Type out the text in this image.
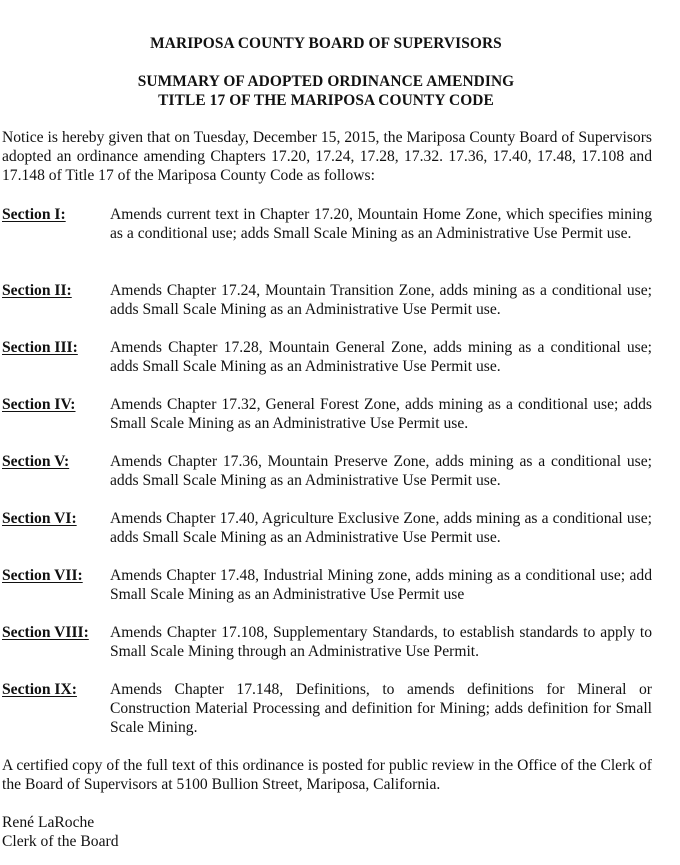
MARIPOSA COUNTY BOARD OF SUPERVISORS
SUMMARY OF ADOPTED ORDINANCE AMENDING
TITLE 17 OF THE MARIPOSA COUNTY CODE
Notice is hereby given that on Tuesday, December 15, 2015, the Mariposa County Board of Supervisors adopted an ordinance amending Chapters 17.20, 17.24, 17.28, 17.32. 17.36, 17.40, 17.48, 17.108 and 17.148 of Title 17 of the Mariposa County Code as follows:
Section I:	Amends current text in Chapter 17.20, Mountain Home Zone, which specifies mining as a conditional use; adds Small Scale Mining as an Administrative Use Permit use.
Section II:	Amends Chapter 17.24, Mountain Transition Zone, adds mining as a conditional use; adds Small Scale Mining as an Administrative Use Permit use.
Section III:	Amends Chapter 17.28, Mountain General Zone, adds mining as a conditional use; adds Small Scale Mining as an Administrative Use Permit use.
Section IV:	Amends Chapter 17.32, General Forest Zone, adds mining as a conditional use; adds Small Scale Mining as an Administrative Use Permit use.
Section V:	Amends Chapter 17.36, Mountain Preserve Zone, adds mining as a conditional use; adds Small Scale Mining as an Administrative Use Permit use.
Section VI:	Amends Chapter 17.40, Agriculture Exclusive Zone, adds mining as a conditional use; adds Small Scale Mining as an Administrative Use Permit use.
Section VII:	Amends Chapter 17.48, Industrial Mining zone, adds mining as a conditional use; add Small Scale Mining as an Administrative Use Permit use
Section VIII:	Amends Chapter 17.108, Supplementary Standards, to establish standards to apply to Small Scale Mining through an Administrative Use Permit.
Section IX:	Amends Chapter 17.148, Definitions, to amends definitions for Mineral or Construction Material Processing and definition for Mining; adds definition for Small Scale Mining.
A certified copy of the full text of this ordinance is posted for public review in the Office of the Clerk of the Board of Supervisors at 5100 Bullion Street, Mariposa, California.
René LaRoche
Clerk of the Board
